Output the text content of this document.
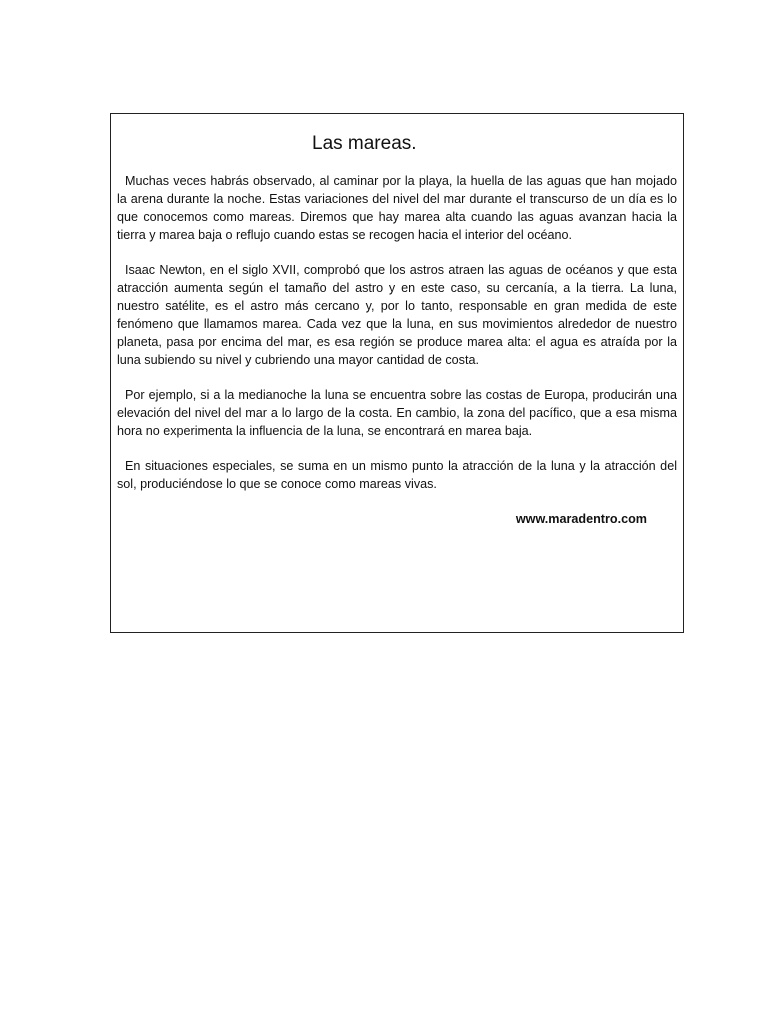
Las mareas.

Muchas veces habrás observado, al caminar por la playa, la huella de las aguas que han mojado la arena durante la noche. Estas variaciones del nivel del mar durante el transcurso de un día es lo que conocemos como mareas. Diremos que hay marea alta cuando las aguas avanzan hacia la tierra y marea baja o reflujo cuando estas se recogen hacia el interior del océano.

Isaac Newton, en el siglo XVII, comprobó que los astros atraen las aguas de océanos y que esta atracción aumenta según el tamaño del astro y en este caso, su cercanía, a la tierra. La luna, nuestro satélite, es el astro más cercano y, por lo tanto, responsable en gran medida de este fenómeno que llamamos marea. Cada vez que la luna, en sus movimientos alrededor de nuestro planeta, pasa por encima del mar, es esa región se produce marea alta: el agua es atraída por la luna subiendo su nivel y cubriendo una mayor cantidad de costa.

Por ejemplo, si a la medianoche la luna se encuentra sobre las costas de Europa, producirán una elevación del nivel del mar a lo largo de la costa. En cambio, la zona del pacífico, que a esa misma hora no experimenta la influencia de la luna, se encontrará en marea baja.

En situaciones especiales, se suma en un mismo punto la atracción de la luna y la atracción del sol, produciéndose lo que se conoce como mareas vivas.

www.maradentro.com
